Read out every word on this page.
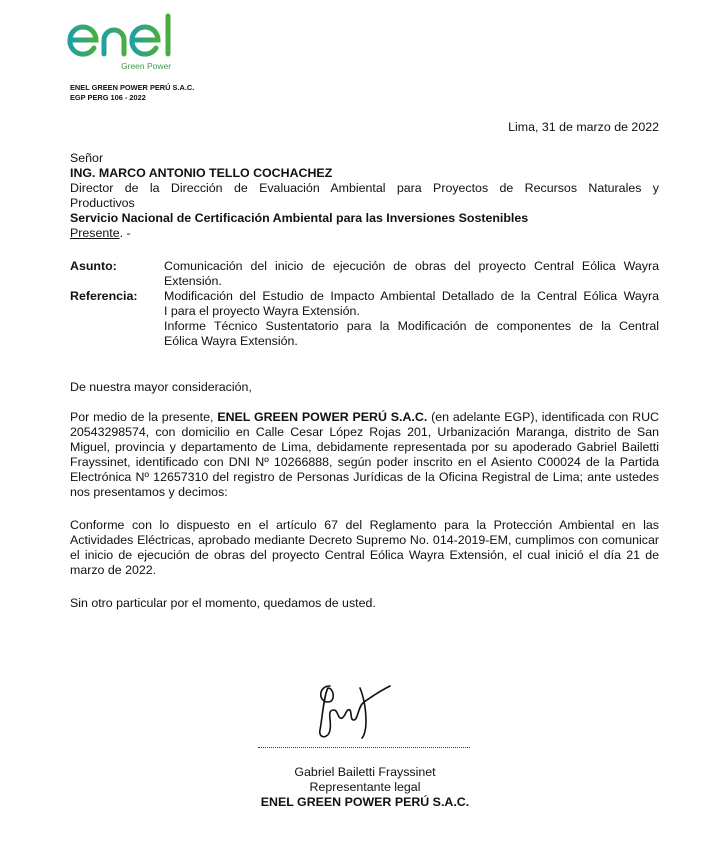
Green Power
ENEL GREEN POWER PERÚ S.A.C.
EGP PERG 106 - 2022
Lima, 31 de marzo de 2022
Señor
ING. MARCO ANTONIO TELLO COCHACHEZ
Director de la Dirección de Evaluación Ambiental para Proyectos de Recursos Naturales y
Productivos
Servicio Nacional de Certificación Ambiental para las Inversiones Sostenibles
Presente. -
Asunto:	Comunicación del inicio de ejecución de obras del proyecto Central Eólica Wayra
Extensión.
Referencia: Modificación del Estudio de Impacto Ambiental Detallado de la Central Eólica Wayra
I para el proyecto Wayra Extensión.
Informe Técnico Sustentatorio para la Modificación de componentes de la Central
Eólica Wayra Extensión.
De nuestra mayor consideración,
Por medio de la presente, ENEL GREEN POWER PERÚ S.A.C. (en adelante EGP), identificada con RUC 20543298574, con domicilio en Calle Cesar López Rojas 201, Urbanización Maranga, distrito de San Miguel, provincia y departamento de Lima, debidamente representada por su apoderado Gabriel Bailetti Frayssinet, identificado con DNI Nº 10266888, según poder inscrito en el Asiento C00024 de la Partida Electrónica Nº 12657310 del registro de Personas Jurídicas de la Oficina Registral de Lima; ante ustedes nos presentamos y decimos:
Conforme con lo dispuesto en el artículo 67 del Reglamento para la Protección Ambiental en las Actividades Eléctricas, aprobado mediante Decreto Supremo No. 014-2019-EM, cumplimos con comunicar el inicio de ejecución de obras del proyecto Central Eólica Wayra Extensión, el cual inició el día 21 de marzo de 2022.
Sin otro particular por el momento, quedamos de usted.
Gabriel Bailetti Frayssinet
Representante legal
ENEL GREEN POWER PERÚ S.A.C.
